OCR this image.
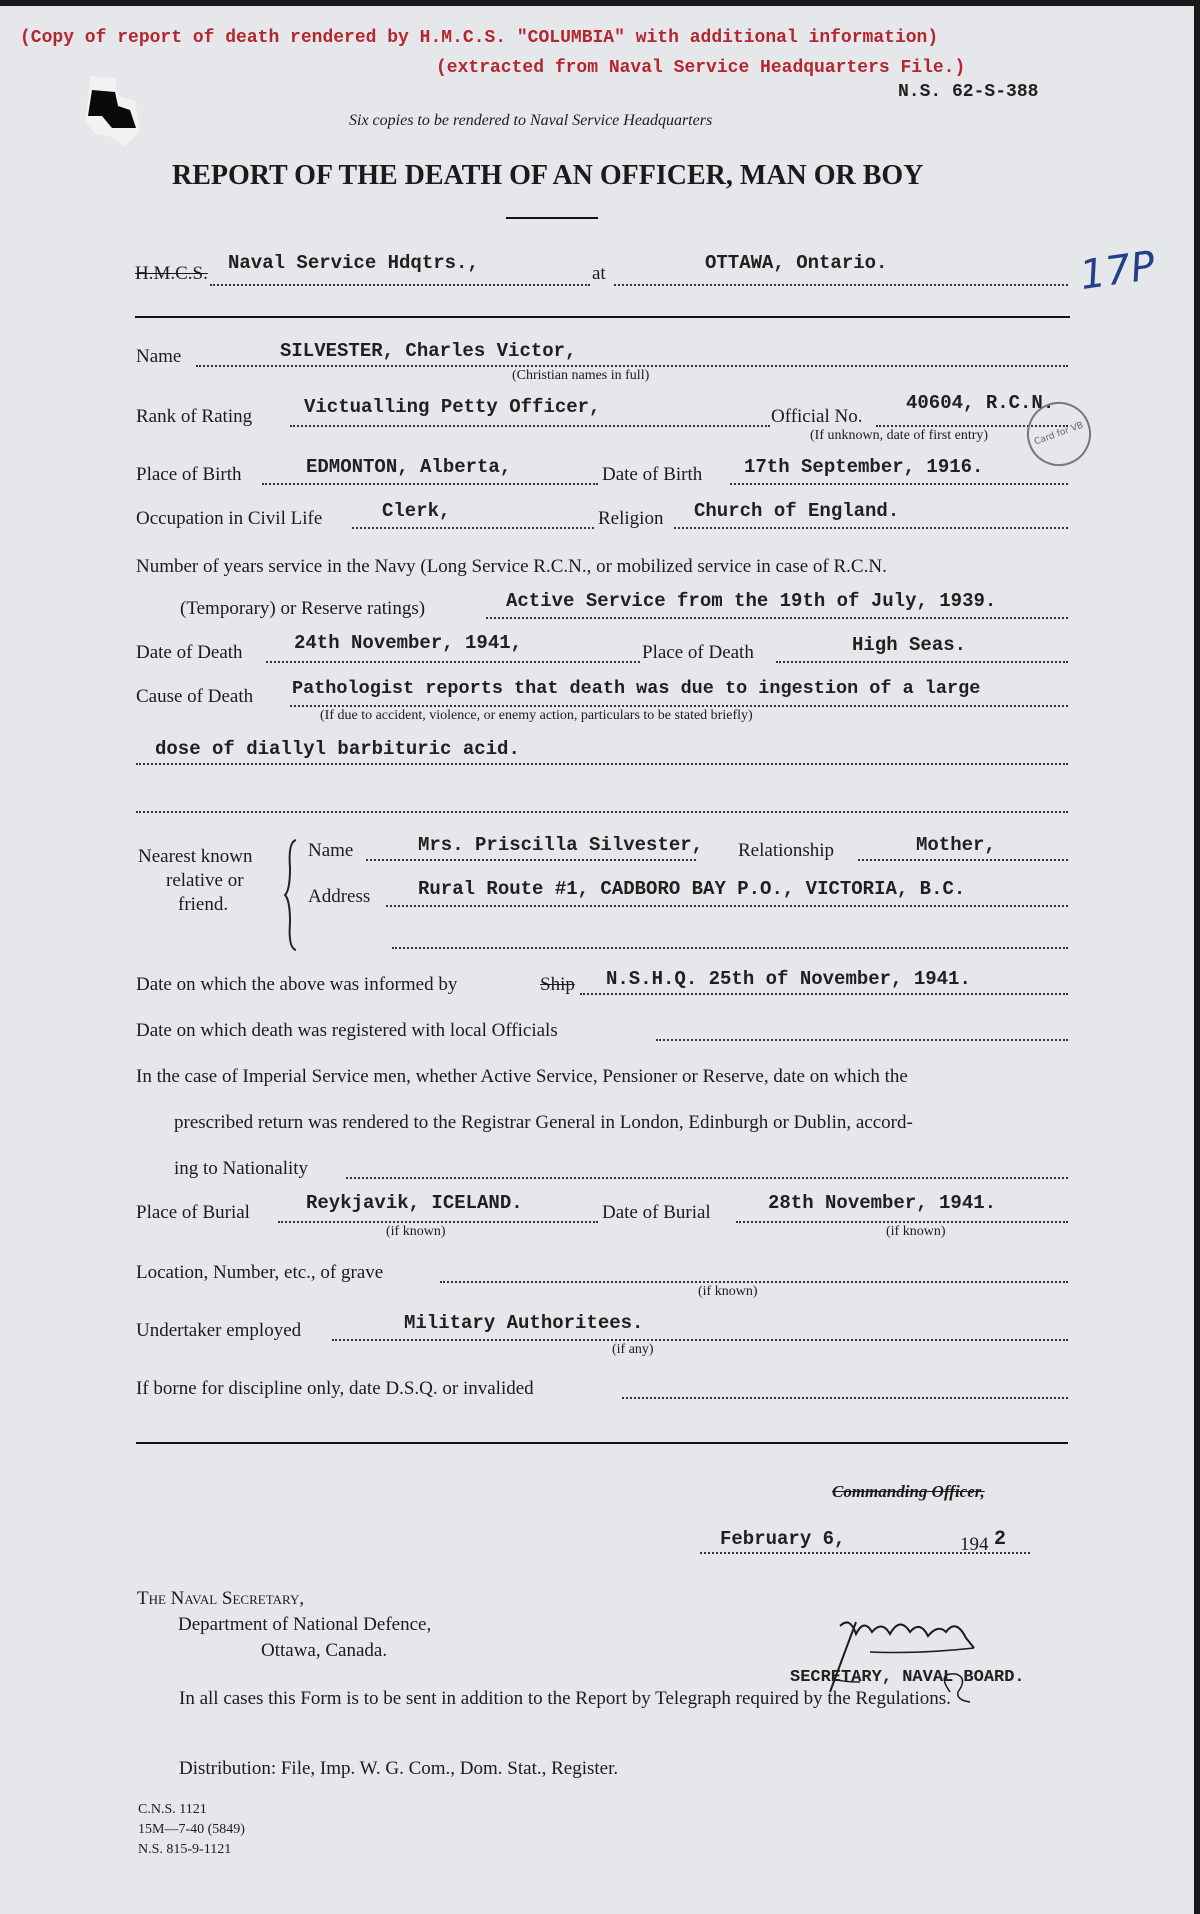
(Copy of report of death rendered by H.M.C.S. "COLUMBIA" with additional information)
(extracted from Naval Service Headquarters File.)
N.S. 62-S-388
Six copies to be rendered to Naval Service Headquarters
REPORT OF THE DEATH OF AN OFFICER, MAN OR BOY
17P
H.M.C.S. Naval Service Hdqtrs.,	at	OTTAWA, Ontario.
Name	SILVESTER, Charles Victor,
(Christian names in full)
Rank of Rating	Victualling Petty Officer,	Official No.
40604, R.C.N.
(If unknown, date of first entry)	Card for VB
Place of Birth	EDMONTON, Alberta,	Date of Birth 17th September, 1916.
Occupation in Civil Life	Clerk,	Religion Church of England.
Number of years service in the Navy (Long Service R.C.N., or mobilized service in case of R.C.N.
(Temporary) or Reserve ratings)	Active Service from the 19th of July, 1939.
Date of Death	24th November, 1941,	Place of Death	High Seas.
Cause of Death Pathologist reports that death was due to ingestion of a large
(If due to accident, violence, or enemy action, particulars to be stated briefly)
dose of diallyl barbituric acid.
Nearest known
relative or
friend.
Name	Mrs. Priscilla Silvester, Relationship	Mother,
Address	Rural Route #1, CADBORO BAY P.O., VICTORIA, B.C.
Date on which the above was informed by	Ship N.S.H.Q. 25th of November, 1941.
Date on which death was registered with local Officials
In the case of Imperial Service men, whether Active Service, Pensioner or Reserve, date on which the
prescribed return was rendered to the Registrar General in London, Edinburgh or Dublin, accord-
ing to Nationality
Place of Burial	Reykjavik, ICELAND.
(if known)
Date of Burial	28th November, 1941.
(if known)
Location, Number, etc., of grave
(if known)
Undertaker employed	Military Authoritees.
(if any)
If borne for discipline only, date D.S.Q. or invalided
Commanding Officer,
February 6,	194 2
SECRETARY, NAVAL BOARD.
The Naval Secretary,
Department of National Defence,
Ottawa, Canada.
In all cases this Form is to be sent in addition to the Report by Telegraph required by the Regulations.
Distribution: File, Imp. W. G. Com., Dom. Stat., Register.
C.N.S. 1121
15M—7-40 (5849)
N.S. 815-9-1121
